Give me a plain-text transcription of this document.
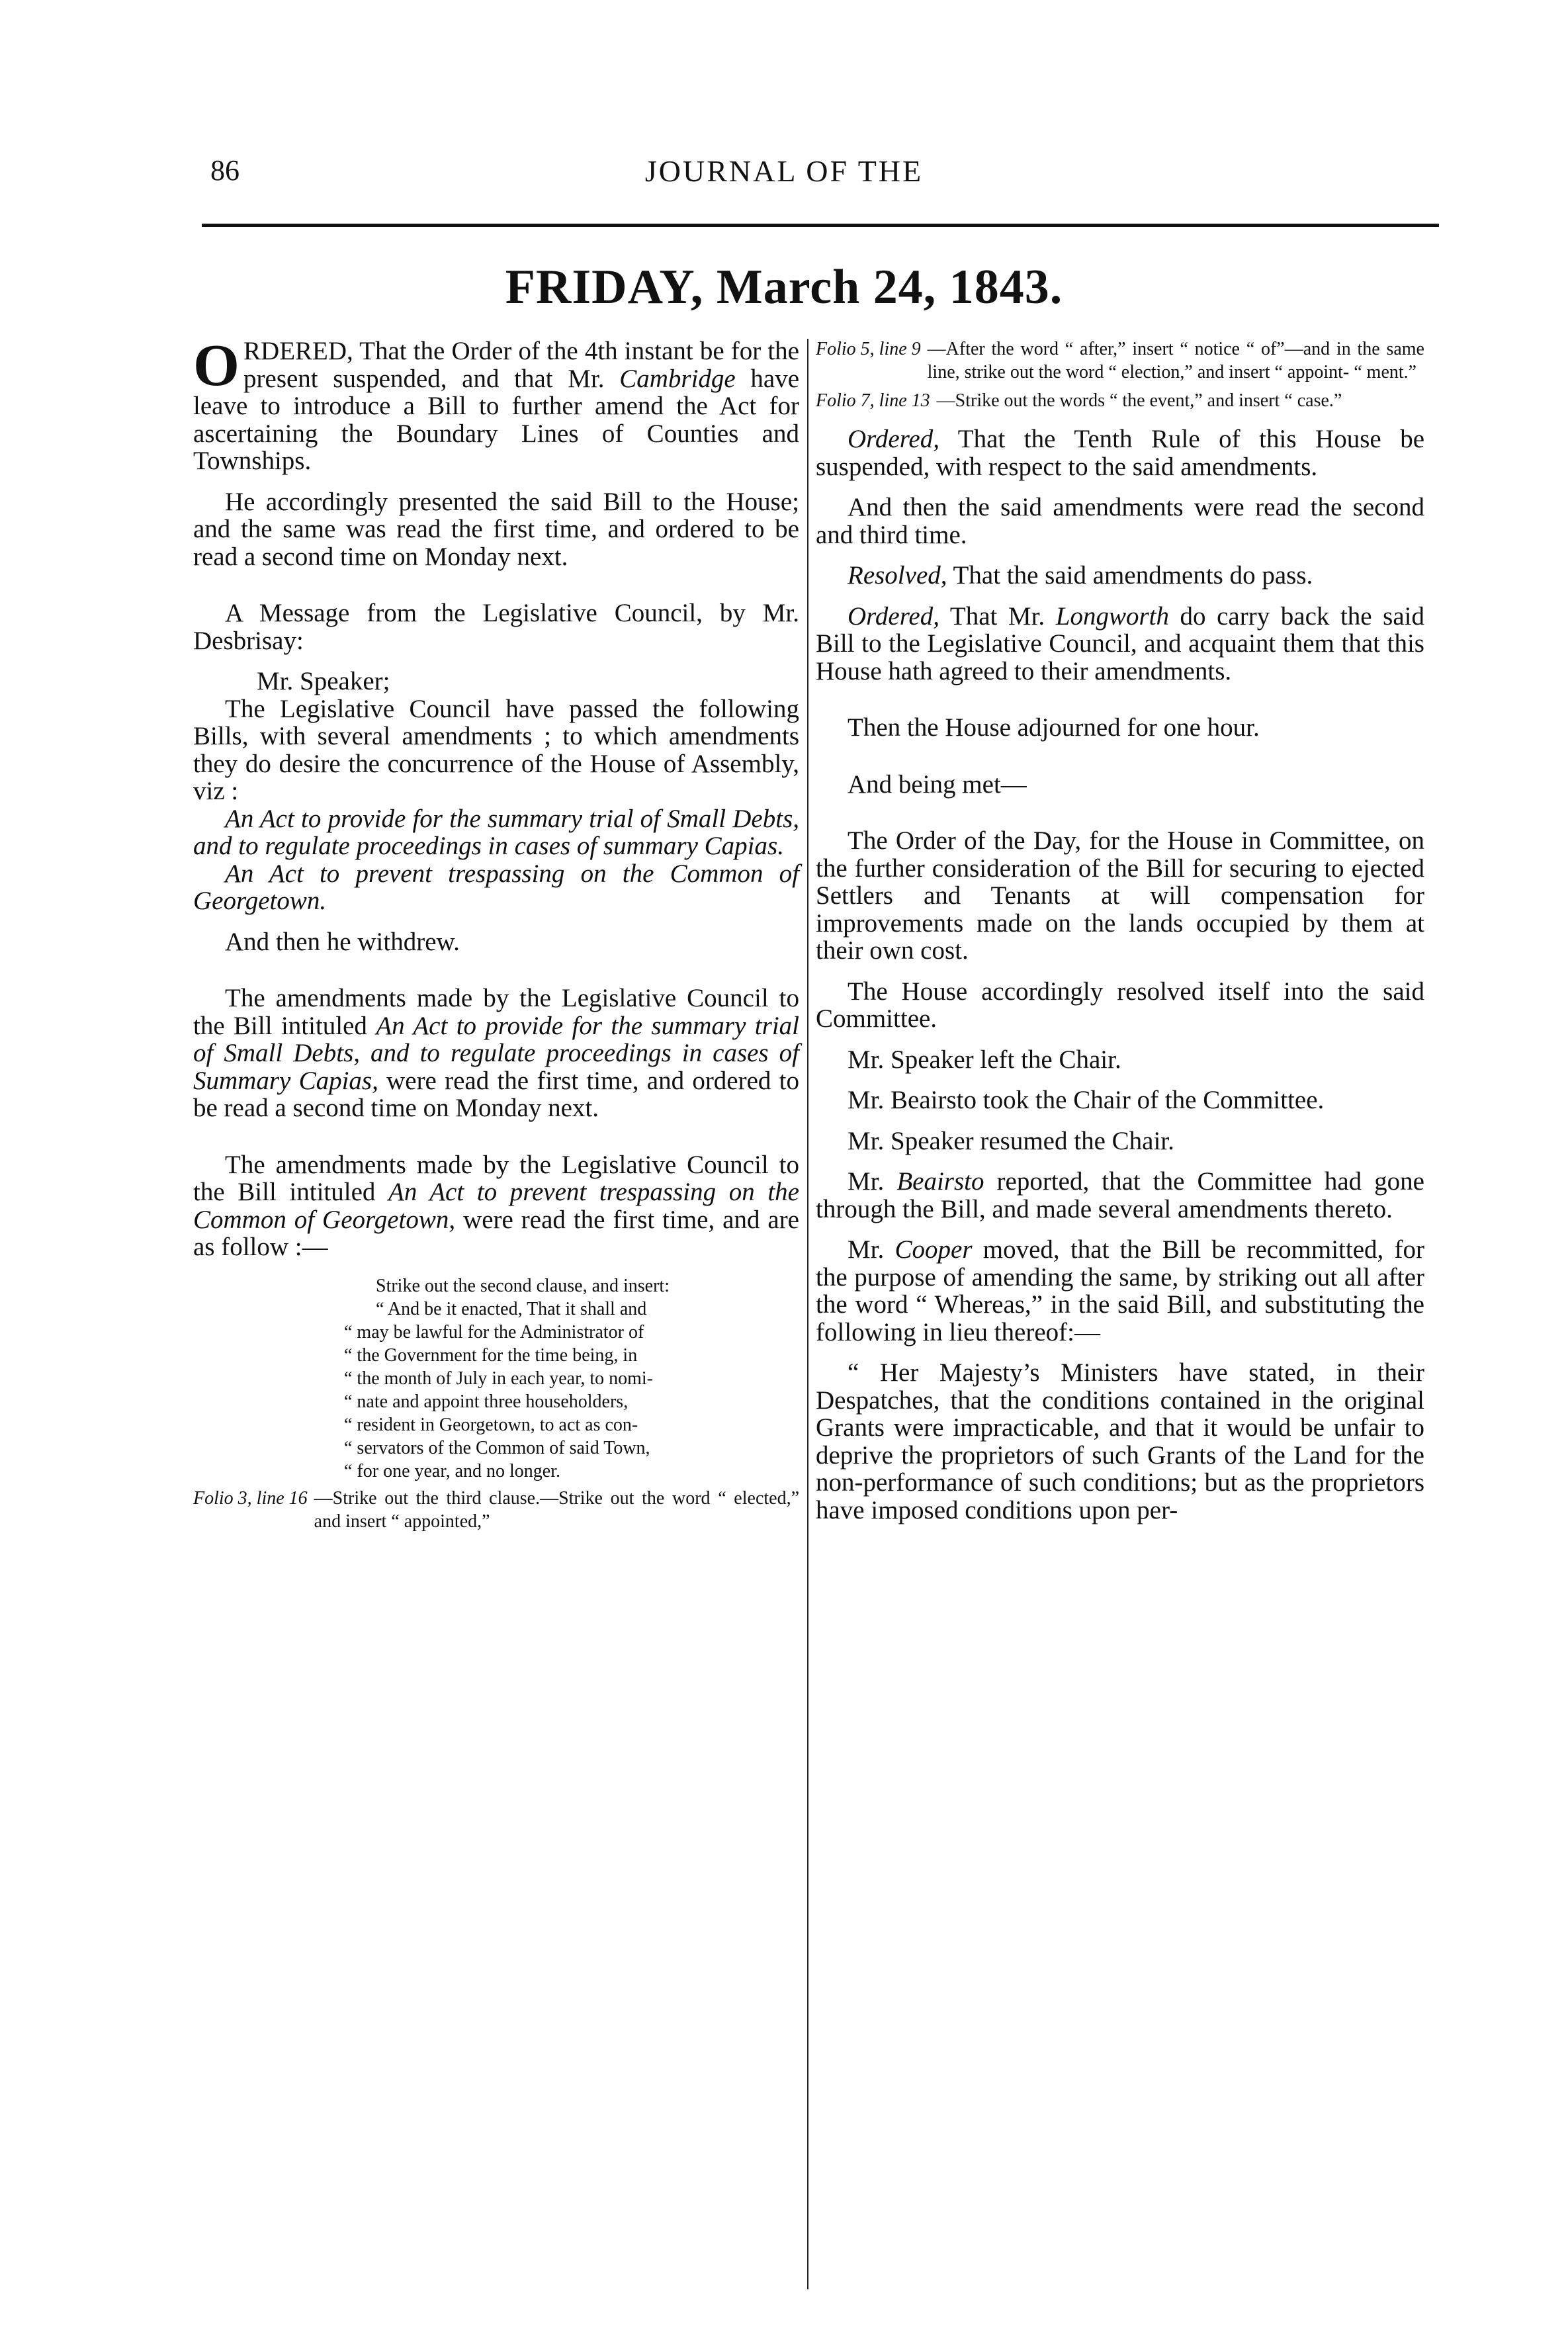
86	JOURNAL OF THE
FRIDAY, March 24, 1843.

ORDERED, That the Order of the 4th instant be for the present suspended, and that Mr. Cambridge have leave to introduce a Bill to further amend the Act for ascertaining the Boundary Lines of Counties and Townships.

He accordingly presented the said Bill to the House; and the same was read the first time, and ordered to be read a second time on Monday next.

A Message from the Legislative Council, by Mr. Desbrisay:

Mr. Speaker;

The Legislative Council have passed the following Bills, with several amendments ; to which amendments they do desire the concurrence of the House of Assembly, viz :

An Act to provide for the summary trial of Small Debts, and to regulate proceedings in cases of summary Capias.

An Act to prevent trespassing on the Common of Georgetown.

And then he withdrew.

The amendments made by the Legislative Council to the Bill intituled An Act to provide for the summary trial of Small Debts, and to regulate proceedings in cases of Summary Capias, were read the first time, and ordered to be read a second time on Monday next.

The amendments made by the Legislative Council to the Bill intituled An Act to prevent trespassing on the Common of Georgetown, were read the first time, and are as follow :—

Strike out the second clause, and insert:

“ And be it enacted, That it shall and

“ may be lawful for the Administrator of

“ the Government for the time being, in

“ the month of July in each year, to nomi-

“ nate and appoint three householders,

“ resident in Georgetown, to act as con-

“ servators of the Common of said Town,

“ for one year, and no longer.

Folio 3, line 16 —Strike out the third clause.—Strike out the word “ elected,” and insert “ appointed,”
Folio 5, line 9 —After the word “ after,” insert “ notice “ of”—and in the same line, strike out the word “ election,” and insert “ appoint- “ ment.”
Folio 7, line 13 —Strike out the words “ the event,” and insert “ case.”

Ordered, That the Tenth Rule of this House be suspended, with respect to the said amendments.

And then the said amendments were read the second and third time.

Resolved, That the said amendments do pass.

Ordered, That Mr. Longworth do carry back the said Bill to the Legislative Council, and acquaint them that this House hath agreed to their amendments.

Then the House adjourned for one hour.

And being met—

The Order of the Day, for the House in Committee, on the further consideration of the Bill for securing to ejected Settlers and Tenants at will compensation for improvements made on the lands occupied by them at their own cost.

The House accordingly resolved itself into the said Committee.

Mr. Speaker left the Chair.

Mr. Beairsto took the Chair of the Committee.

Mr. Speaker resumed the Chair.

Mr. Beairsto reported, that the Committee had gone through the Bill, and made several amendments thereto.

Mr. Cooper moved, that the Bill be recommitted, for the purpose of amending the same, by striking out all after the word “ Whereas,” in the said Bill, and substituting the following in lieu thereof:—

“ Her Majesty’s Ministers have stated, in their Despatches, that the conditions contained in the original Grants were impracticable, and that it would be unfair to deprive the proprietors of such Grants of the Land for the non-performance of such conditions; but as the proprietors have imposed conditions upon per-
